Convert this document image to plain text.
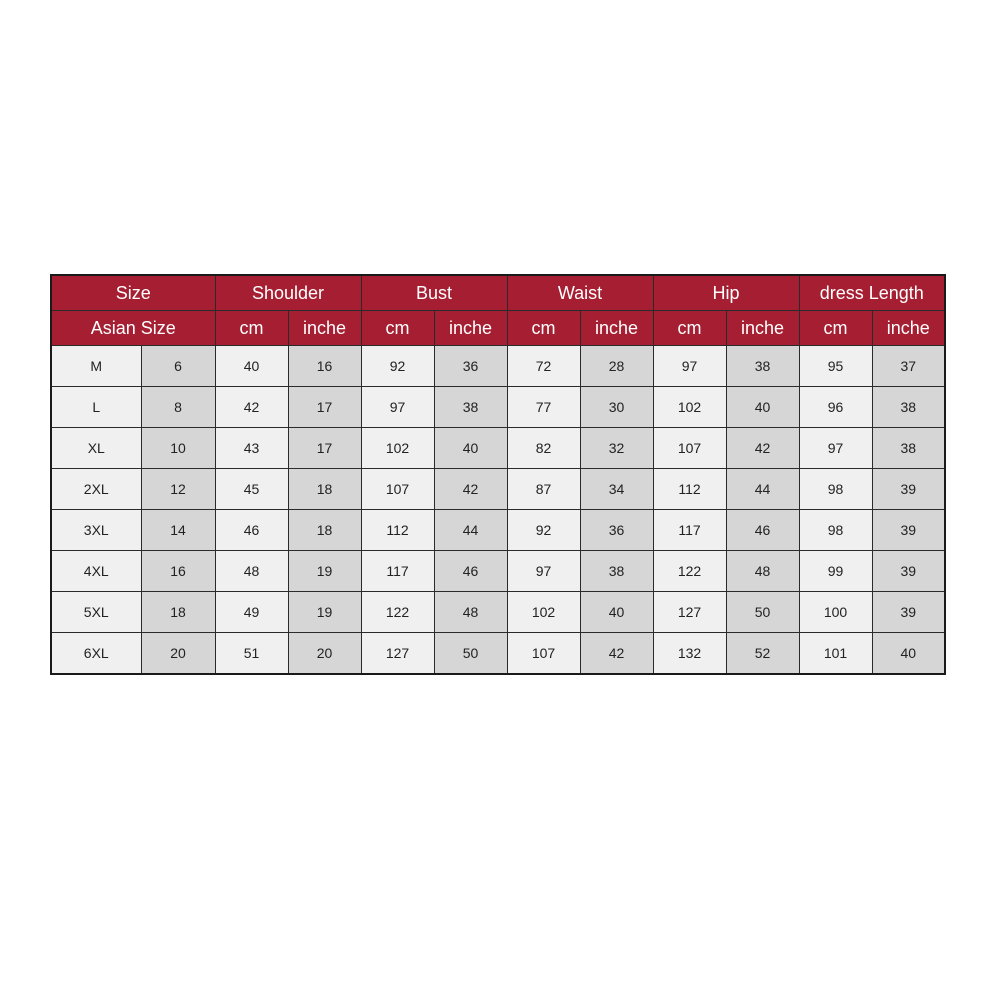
Size		Shoulder		Bust		Waist		Hip		dress Length	
Asian Size		cm	inche	cm	inche	cm	inche	cm	inche	cm	inche
M	6	40	16	92	36	72	28	97	38	95	37
L	8	42	17	97	38	77	30	102	40	96	38
XL	10	43	17	102	40	82	32	107	42	97	38
2XL	12	45	18	107	42	87	34	112	44	98	39
3XL	14	46	18	112	44	92	36	117	46	98	39
4XL	16	48	19	117	46	97	38	122	48	99	39
5XL	18	49	19	122	48	102	40	127	50	100	39
6XL	20	51	20	127	50	107	42	132	52	101	40
